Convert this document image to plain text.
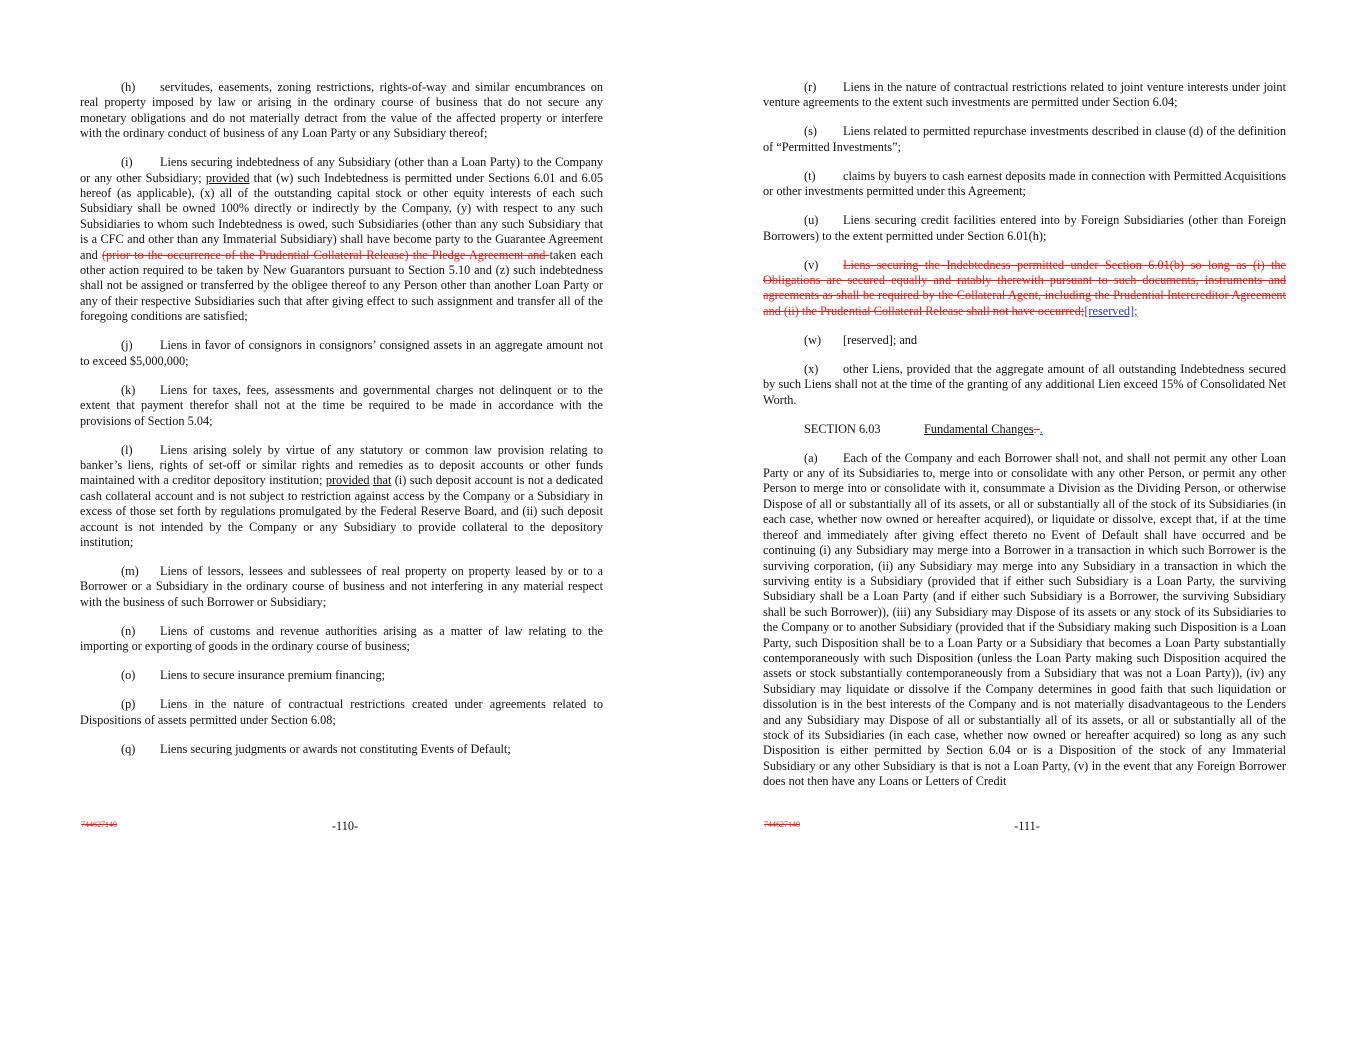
(h) servitudes, easements, zoning restrictions, rights-of-way and similar encumbrances on real property imposed by law or arising in the ordinary course of business that do not secure any monetary obligations and do not materially detract from the value of the affected property or interfere with the ordinary conduct of business of any Loan Party or any Subsidiary thereof;

(i) Liens securing indebtedness of any Subsidiary (other than a Loan Party) to the Company or any other Subsidiary; provided that (w) such Indebtedness is permitted under Sections 6.01 and 6.05 hereof (as applicable), (x) all of the outstanding capital stock or other equity interests of each such Subsidiary shall be owned 100% directly or indirectly by the Company, (y) with respect to any such Subsidiaries to whom such Indebtedness is owed, such Subsidiaries (other than any such Subsidiary that is a CFC and other than any Immaterial Subsidiary) shall have become party to the Guarantee Agreement and (prior to the occurrence of the Prudential Collateral Release) the Pledge Agreement and taken each other action required to be taken by New Guarantors pursuant to Section 5.10 and (z) such indebtedness shall not be assigned or transferred by the obligee thereof to any Person other than another Loan Party or any of their respective Subsidiaries such that after giving effect to such assignment and transfer all of the foregoing conditions are satisfied;

(j) Liens in favor of consignors in consignors’ consigned assets in an aggregate amount not to exceed $5,000,000;

(k) Liens for taxes, fees, assessments and governmental charges not delinquent or to the extent that payment therefor shall not at the time be required to be made in accordance with the provisions of Section 5.04;

(l) Liens arising solely by virtue of any statutory or common law provision relating to banker’s liens, rights of set-off or similar rights and remedies as to deposit accounts or other funds maintained with a creditor depository institution; provided that (i) such deposit account is not a dedicated cash collateral account and is not subject to restriction against access by the Company or a Subsidiary in excess of those set forth by regulations promulgated by the Federal Reserve Board, and (ii) such deposit account is not intended by the Company or any Subsidiary to provide collateral to the depository institution;

(m) Liens of lessors, lessees and sublessees of real property on property leased by or to a Borrower or a Subsidiary in the ordinary course of business and not interfering in any material respect with the business of such Borrower or Subsidiary;

(n) Liens of customs and revenue authorities arising as a matter of law relating to the importing or exporting of goods in the ordinary course of business;

(o) Liens to secure insurance premium financing;

(p) Liens in the nature of contractual restrictions created under agreements related to Dispositions of assets permitted under Section 6.08;

(q) Liens securing judgments or awards not constituting Events of Default;

(r) Liens in the nature of contractual restrictions related to joint venture interests under joint venture agreements to the extent such investments are permitted under Section 6.04;

(s) Liens related to permitted repurchase investments described in clause (d) of the definition of “Permitted Investments”;

(t) claims by buyers to cash earnest deposits made in connection with Permitted Acquisitions or other investments permitted under this Agreement;

(u) Liens securing credit facilities entered into by Foreign Subsidiaries (other than Foreign Borrowers) to the extent permitted under Section 6.01(h);

(v) Liens securing the Indebtedness permitted under Section 6.01(b) so long as (i) the Obligations are secured equally and ratably therewith pursuant to such documents, instruments and agreements as shall be required by the Collateral Agent, including the Prudential Intercreditor Agreement and (ii) the Prudential Collateral Release shall not have occurred;[reserved];

(w) [reserved]; and

(x) other Liens, provided that the aggregate amount of all outstanding Indebtedness secured by such Liens shall not at the time of the granting of any additional Lien exceed 15% of Consolidated Net Worth.

SECTION 6.03	Fundamental Changes. .

(a) Each of the Company and each Borrower shall not, and shall not permit any other Loan Party or any of its Subsidiaries to, merge into or consolidate with any other Person, or permit any other Person to merge into or consolidate with it, consummate a Division as the Dividing Person, or otherwise Dispose of all or substantially all of its assets, or all or substantially all of the stock of its Subsidiaries (in each case, whether now owned or hereafter acquired), or liquidate or dissolve, except that, if at the time thereof and immediately after giving effect thereto no Event of Default shall have occurred and be continuing (i) any Subsidiary may merge into a Borrower in a transaction in which such Borrower is the surviving corporation, (ii) any Subsidiary may merge into any Subsidiary in a transaction in which the surviving entity is a Subsidiary (provided that if either such Subsidiary is a Loan Party, the surviving Subsidiary shall be a Loan Party (and if either such Subsidiary is a Borrower, the surviving Subsidiary shall be such Borrower)), (iii) any Subsidiary may Dispose of its assets or any stock of its Subsidiaries to the Company or to another Subsidiary (provided that if the Subsidiary making such Disposition is a Loan Party, such Disposition shall be to a Loan Party or a Subsidiary that becomes a Loan Party substantially contemporaneously with such Disposition (unless the Loan Party making such Disposition acquired the assets or stock substantially contemporaneously from a Subsidiary that was not a Loan Party)), (iv) any Subsidiary may liquidate or dissolve if the Company determines in good faith that such liquidation or dissolution is in the best interests of the Company and is not materially disadvantageous to the Lenders and any Subsidiary may Dispose of all or substantially all of its assets, or all or substantially all of the stock of its Subsidiaries (in each case, whether now owned or hereafter acquired) so long as any such Disposition is either permitted by Section 6.04 or is a Disposition of the stock of any Immaterial Subsidiary or any other Subsidiary is that is not a Loan Party, (v) in the event that any Foreign Borrower does not then have any Loans or Letters of Credit

744627140	-110-	744627140	-111-
